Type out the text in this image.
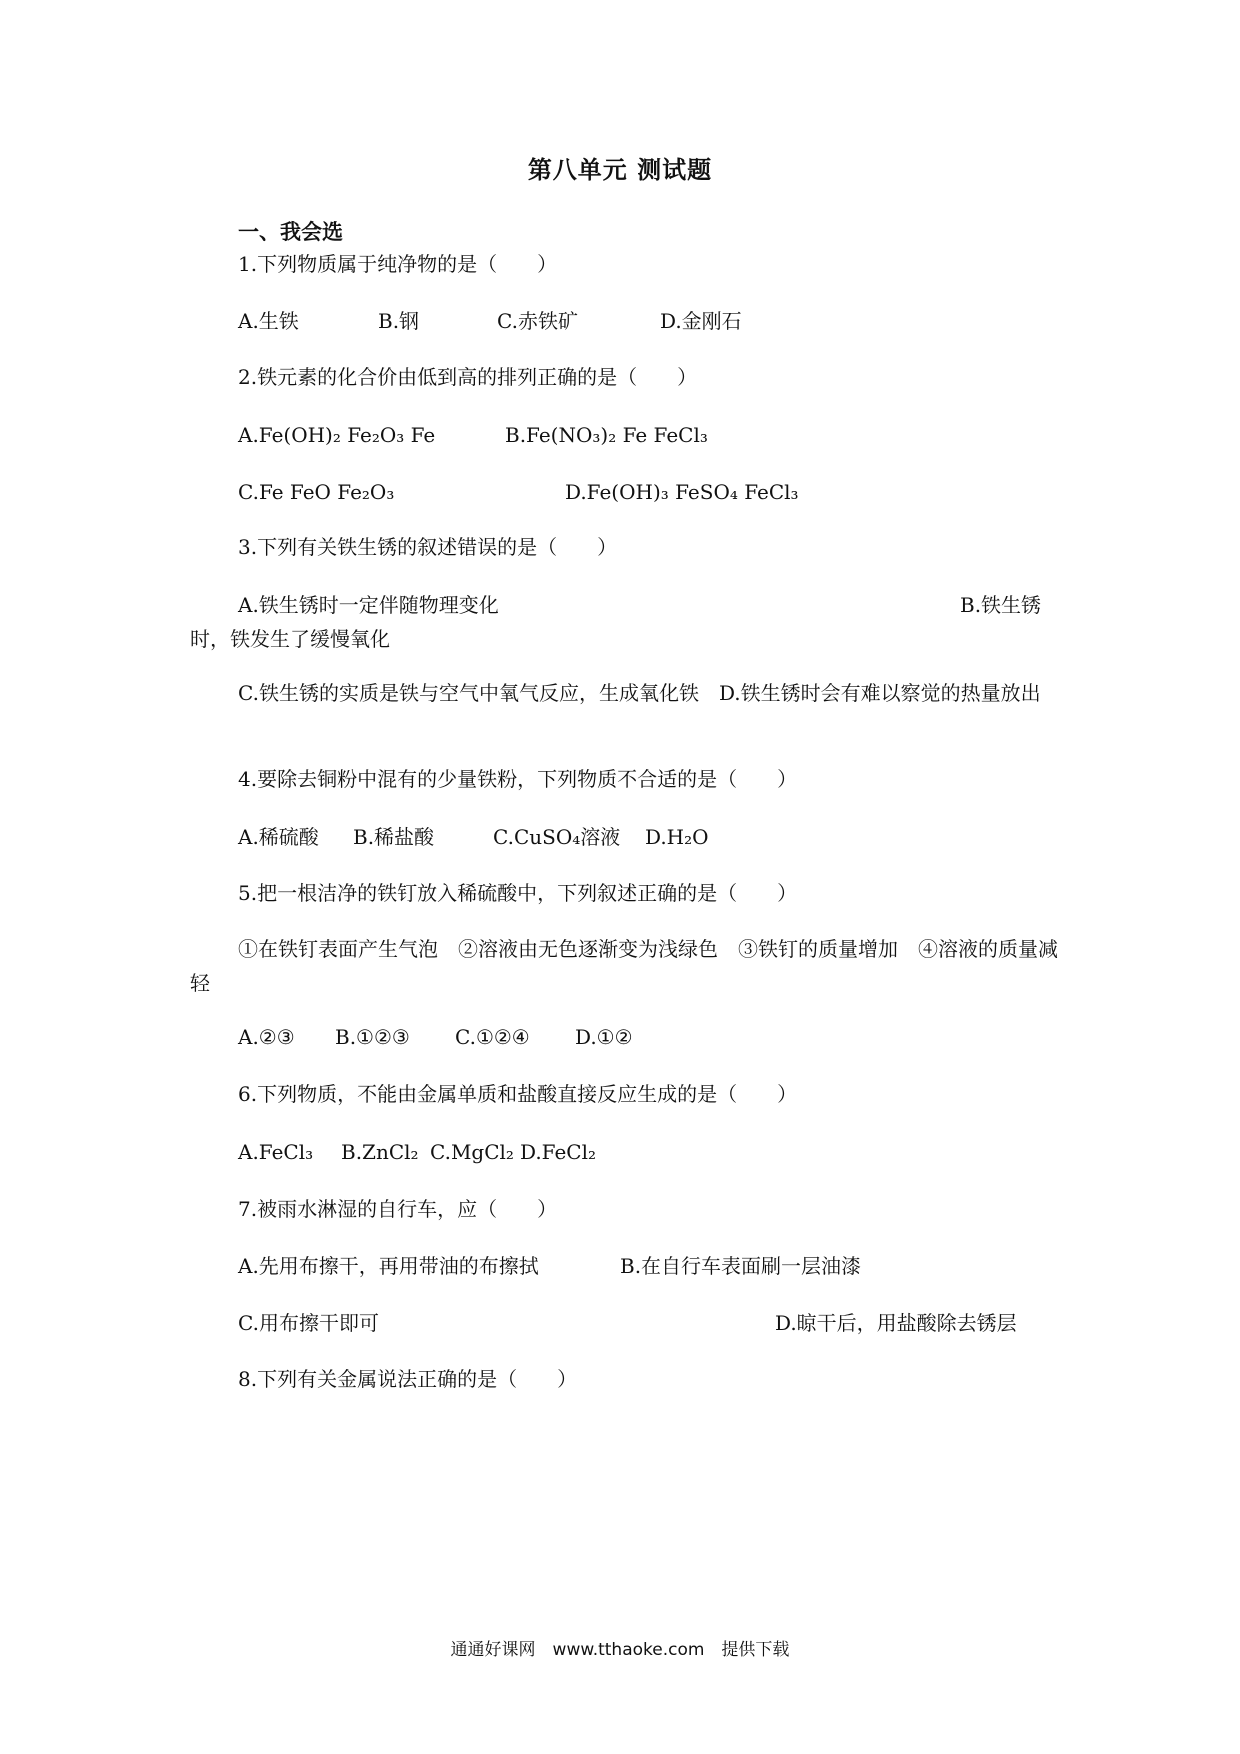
第八单元 测试题
一、我会选
1.下列物质属于纯净物的是（　　）
A.生铁	B.钢	C.赤铁矿	D.金刚石
2.铁元素的化合价由低到高的排列正确的是（　　）
A.Fe(OH)₂ Fe₂O₃ Fe	B.Fe(NO₃)₂ Fe FeCl₃
C.Fe FeO Fe₂O₃	D.Fe(OH)₃ FeSO₄ FeCl₃
3.下列有关铁生锈的叙述错误的是（　　）
A.铁生锈时一定伴随物理变化	B.铁生锈时，铁发生了缓慢氧化
C.铁生锈的实质是铁与空气中氧气反应，生成氧化铁　D.铁生锈时会有难以察觉的热量放出
4.要除去铜粉中混有的少量铁粉，下列物质不合适的是（　　）
A.稀硫酸 B.稀盐酸	C.CuSO₄溶液 D.H₂O
5.把一根洁净的铁钉放入稀硫酸中，下列叙述正确的是（　　）
①在铁钉表面产生气泡　②溶液由无色逐渐变为浅绿色　③铁钉的质量增加　④溶液的质量减轻
A.②③ B.①②③ C.①②④ D.①②
6.下列物质，不能由金属单质和盐酸直接反应生成的是（　　）
A.FeCl₃ B.ZnCl₂ C.MgCl₂ D.FeCl₂
7.被雨水淋湿的自行车，应（　　）
A.先用布擦干，再用带油的布擦拭	B.在自行车表面刷一层油漆
C.用布擦干即可	D.晾干后，用盐酸除去锈层
8.下列有关金属说法正确的是（　　）
通通好课网　www.tthaoke.com　提供下载
